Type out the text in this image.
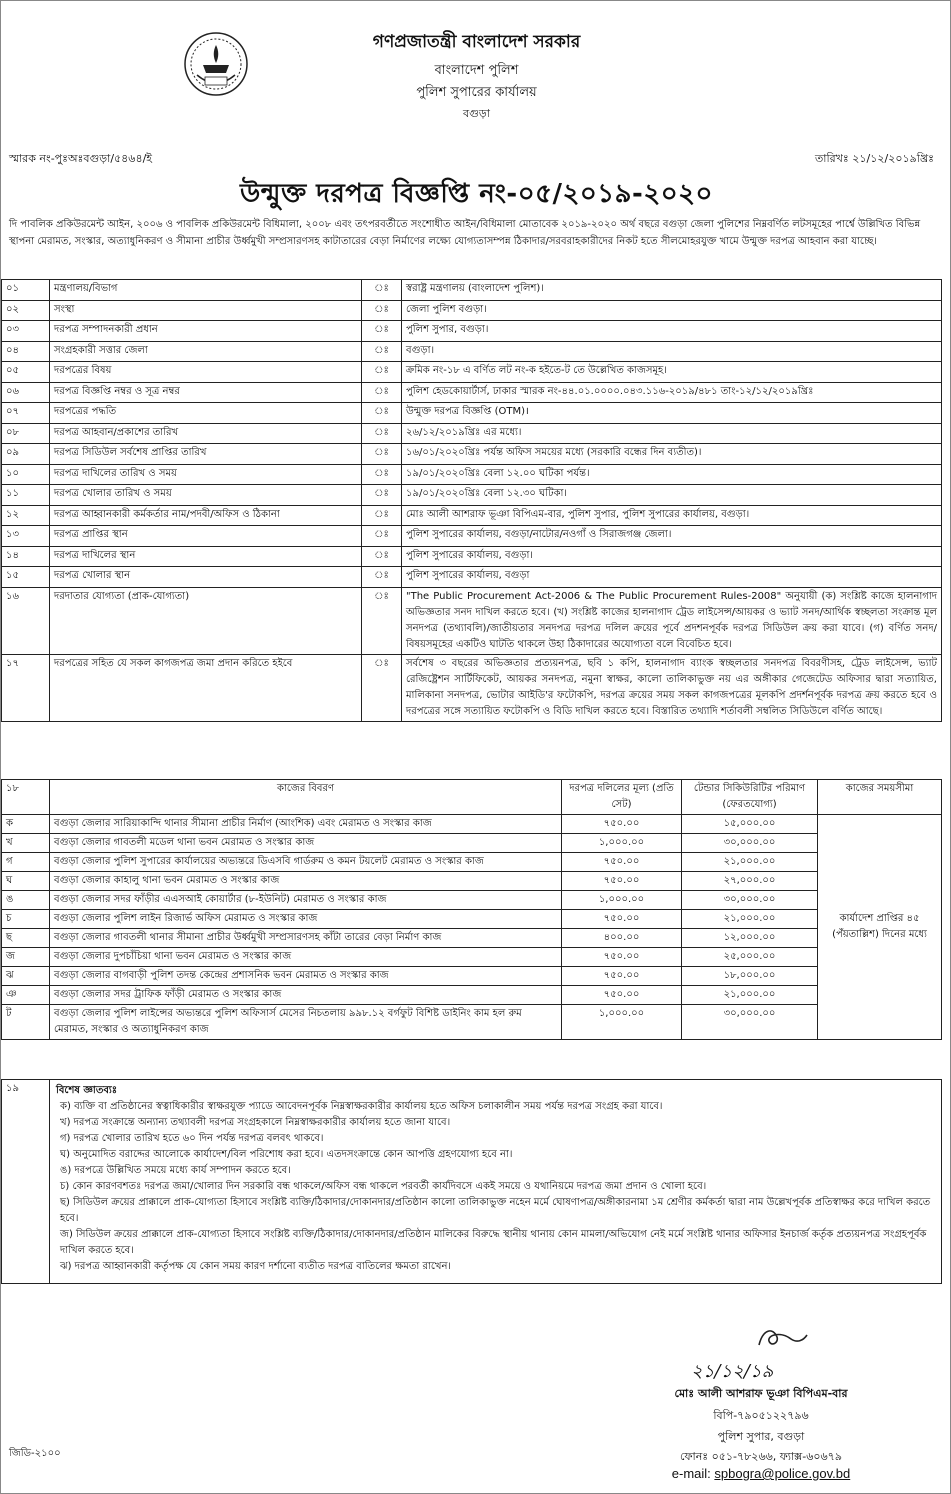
গণপ্রজাতন্ত্রী বাংলাদেশ সরকার
বাংলাদেশ পুলিশ
পুলিশ সুপারের কার্যালয়
বগুড়া
স্মারক নং-পুঃঅঃবগুড়া/৫৪৬৪/ই	তারিখঃ ২১/১২/২০১৯খ্রিঃ
উন্মুক্ত দরপত্র বিজ্ঞপ্তি নং-০৫/২০১৯-২০২০
দি পাবলিক প্রকিউরমেন্ট আইন, ২০০৬ ও পাবলিক প্রকিউরমেন্ট বিধিমালা, ২০০৮ এবং তৎপরবর্তীতে সংশোধীত আইন/বিধিমালা মোতাবেক ২০১৯-২০২০ অর্থ বছরে বগুড়া জেলা পুলিশের নিম্নবর্ণিত লটসমূহের পার্শ্বে উল্লিখিত বিভিন্ন স্থাপনা মেরামত, সংস্কার, অত্যাধুনিকরণ ও সীমানা প্রাচীর উর্ধ্বমুখী সম্প্রসারণসহ কাটাতারের বেড়া নির্মাণের লক্ষ্যে যোগ্যতাসম্পন্ন ঠিকাদার/সরবরাহকারীদের নিকট হতে সীলমোহরযুক্ত খামে উন্মুক্ত দরপত্র আহবান করা যাচ্ছে।
০১	মন্ত্রণালয়/বিভাগ	ঃ	স্বরাষ্ট্র মন্ত্রণালয় (বাংলাদেশ পুলিশ)।
০২	সংস্থা	ঃ	জেলা পুলিশ বগুড়া।
০৩	দরপত্র সম্পাদনকারী প্রধান	ঃ	পুলিশ সুপার, বগুড়া।
০৪	সংগ্রহকারী সত্তার জেলা	ঃ	বগুড়া।
০৫	দরপত্রের বিষয়	ঃ	ক্রমিক নং-১৮ এ বর্ণিত লট নং-ক হইতে-ট তে উল্লেখিত কাজসমূহ।
০৬	দরপত্র বিজ্ঞপ্তি নম্বর ও সূত্র নম্বর	ঃ	পুলিশ হেডকোয়ার্টার্স, ঢাকার স্মারক নং-৪৪.০১.০০০০.০৪৩.১১৬-২০১৯/৪৮১ তাং-১২/১২/২০১৯খ্রিঃ
০৭	দরপত্রের পদ্ধতি	ঃ	উন্মুক্ত দরপত্র বিজ্ঞপ্তি (OTM)।
০৮	দরপত্র আহবান/প্রকাশের তারিখ	ঃ	২৬/১২/২০১৯খ্রিঃ এর মধ্যে।
০৯	দরপত্র সিডিউল সর্বশেষ প্রাপ্তির তারিখ	ঃ	১৬/০১/২০২০খ্রিঃ পর্যন্ত অফিস সময়ের মধ্যে (সরকারি বন্ধের দিন ব্যতীত)।
১০	দরপত্র দাখিলের তারিখ ও সময়	ঃ	১৯/০১/২০২০খ্রিঃ বেলা ১২.০০ ঘটিকা পর্যন্ত।
১১	দরপত্র খোলার তারিখ ও সময়	ঃ	১৯/০১/২০২০খ্রিঃ বেলা ১২.৩০ ঘটিকা।
১২	দরপত্র আহ্বানকারী কর্মকর্তার নাম/পদবী/অফিস ও ঠিকানা	ঃ	মোঃ আলী আশরাফ ভূঞা বিপিএম-বার, পুলিশ সুপার, পুলিশ সুপারের কার্যালয়, বগুড়া।
১৩	দরপত্র প্রাপ্তির স্থান	ঃ	পুলিশ সুপারের কার্যালয়, বগুড়া/নাটোর/নওগাঁ ও সিরাজগঞ্জ জেলা।
১৪	দরপত্র দাখিলের স্থান	ঃ	পুলিশ সুপারের কার্যালয়, বগুড়া।
১৫	দরপত্র খোলার স্থান	ঃ	পুলিশ সুপারের কার্যালয়, বগুড়া
১৬	দরদাতার যোগ্যতা (প্রাক-যোগ্যতা)	ঃ	"The Public Procurement Act-2006 & The Public Procurement Rules-2008" অনুযায়ী (ক) সংশ্লিষ্ট কাজে হালনাগাদ অভিজ্ঞতার সনদ দাখিল করতে হবে। (খ) সংশ্লিষ্ট কাজের হালনাগাদ ট্রেড লাইসেন্স/আয়কর ও ভ্যাট সনদ/আর্থিক স্বচ্ছলতা সংক্রান্ত মূল সনদপত্র (তথ্যাবলি)/জাতীয়তার সনদপত্র দরপত্র দলিল ক্রয়ের পূর্বে প্রদশনপূর্বক দরপত্র সিডিউল ক্রয় করা যাবে। (গ) বর্ণিত সনদ/বিষয়সমূহের একটিও ঘাটতি থাকলে উহা ঠিকাদারের অযোগ্যতা বলে বিবেচিত হবে।
১৭	দরপত্রের সহিত যে সকল কাগজপত্র জমা প্রদান করিতে হইবে	ঃ	সর্বশেষ ৩ বছরের অভিজ্ঞতার প্রত্যয়নপত্র, ছবি ১ কপি, হালনাগাদ ব্যাংক স্বচ্ছলতার সনদপত্র বিবরণীসহ, ট্রেড লাইসেন্স, ভ্যাট রেজিষ্ট্রেশন সার্টিফিকেট, আয়কর সনদপত্র, নমুনা স্বাক্ষর, কালো তালিকাভুক্ত নয় এর অঙ্গীকার গেজেটেড অফিসার দ্বারা সত্যায়িত, মালিকানা সনদপত্র, ভোটার আইডি'র ফটোকপি, দরপত্র ক্রয়ের সময় সকল কাগজপত্রের মূলকপি প্রদর্শনপূর্বক দরপত্র ক্রয় করতে হবে ও দরপত্রের সঙ্গে সত্যায়িত ফটোকপি ও বিডি দাখিল করতে হবে। বিস্তারিত তথ্যাদি শর্তাবলী সম্বলিত সিডিউলে বর্ণিত আছে।
১৮	কাজের বিবরণ	দরপত্র দলিলের মূল্য (প্রতি সেট)	টেন্ডার সিকিউরিটির পরিমাণ (ফেরতযোগ্য)	কাজের সময়সীমা
ক	বগুড়া জেলার সারিয়াকান্দি থানার সীমানা প্রাচীর নির্মাণ (আংশিক) এবং মেরামত ও সংস্কার কাজ	৭৫০.০০	১৫,০০০.০০	কার্যাদেশ প্রাপ্তির ৪৫ (পঁয়তাল্লিশ) দিনের মধ্যে
খ	বগুড়া জেলার গাবতলী মডেল থানা ভবন মেরামত ও সংস্কার কাজ	১,০০০.০০	৩০,০০০.০০	
গ	বগুড়া জেলার পুলিশ সুপারের কার্যালয়ের অভ্যন্তরে ডিএসবি গার্ডরুম ও কমন টয়লেট মেরামত ও সংস্কার কাজ	৭৫০.০০	২১,০০০.০০	
ঘ	বগুড়া জেলার কাহালু থানা ভবন মেরামত ও সংস্কার কাজ	৭৫০.০০	২৭,০০০.০০	
ঙ	বগুড়া জেলার সদর ফাঁড়ীর এএসআই কোয়ার্টার (৮-ইউনিট) মেরামত ও সংস্কার কাজ	১,০০০.০০	৩০,০০০.০০	
চ	বগুড়া জেলার পুলিশ লাইন রিজার্ভ অফিস মেরামত ও সংস্কার কাজ	৭৫০.০০	২১,০০০.০০	
ছ	বগুড়া জেলার গাবতলী থানার সীমানা প্রাচীর উর্ধ্বমুখী সম্প্রসারণসহ কাঁটা তারের বেড়া নির্মাণ কাজ	৪০০.০০	১২,০০০.০০	
জ	বগুড়া জেলার দুপচাঁচিয়া থানা ভবন মেরামত ও সংস্কার কাজ	৭৫০.০০	২৫,০০০.০০	
ঝ	বগুড়া জেলার বাগবাড়ী পুলিশ তদন্ত কেন্দ্রের প্রশাসনিক ভবন মেরামত ও সংস্কার কাজ	৭৫০.০০	১৮,০০০.০০	
ঞ	বগুড়া জেলার সদর ট্রাফিক ফাঁড়ী মেরামত ও সংস্কার কাজ	৭৫০.০০	২১,০০০.০০	
ট	বগুড়া জেলার পুলিশ লাইন্সের অভ্যন্তরে পুলিশ অফিসার্স মেসের নিচতলায় ৯৯৮.১২ বর্গফুট বিশিষ্ট ডাইনিং কাম হল রুম মেরামত, সংস্কার ও অত্যাধুনিকরণ কাজ	১,০০০.০০	৩০,০০০.০০	
১৯	বিশেষ জ্ঞাতব্যঃ
ক) ব্যক্তি বা প্রতিষ্ঠানের স্বত্বাধিকারীর স্বাক্ষরযুক্ত প্যাডে আবেদনপূর্বক নিম্নস্বাক্ষরকারীর কার্যালয় হতে অফিস চলাকালীন সময় পর্যন্ত দরপত্র সংগ্রহ করা যাবে।
খ) দরপত্র সংক্রান্তে অন্যান্য তথ্যাবলী দরপত্র সংগ্রহকালে নিম্নস্বাক্ষরকারীর কার্যালয় হতে জানা যাবে।
গ) দরপত্র খোলার তারিখ হতে ৬০ দিন পর্যন্ত দরপত্র বলবৎ থাকবে।
ঘ) অনুমোদিত বরাদ্দের আলোকে কার্যাদেশ/বিল পরিশোধ করা হবে। এতদসংক্রান্তে কোন আপত্তি গ্রহণযোগ্য হবে না।
ঙ) দরপত্রে উল্লিখিত সময়ে মধ্যে কার্য সম্পাদন করতে হবে।
চ) কোন কারণবশতঃ দরপত্র জমা/খোলার দিন সরকারি বন্ধ থাকলে/অফিস বন্ধ থাকলে পরবর্তী কার্যদিবসে একই সময়ে ও যথানিয়মে দরপত্র জমা প্রদান ও খোলা হবে।
ছ) সিডিউল ক্রয়ের প্রাক্কালে প্রাক-যোগ্যতা হিসাবে সংশ্লিষ্ট ব্যক্তি/ঠিকাদার/দোকানদার/প্রতিষ্ঠান কালো তালিকাভুক্ত নহেন মর্মে ঘোষণাপত্র/অঙ্গীকারনামা ১ম শ্রেণীর কর্মকর্তা দ্বারা নাম উল্লেখপূর্বক প্রতিস্বাক্ষর করে দাখিল করতে হবে।
জ) সিডিউল ক্রয়ের প্রাক্কালে প্রাক-যোগ্যতা হিসাবে সংশ্লিষ্ট ব্যক্তি/ঠিকাদার/দোকানদার/প্রতিষ্ঠান মালিকের বিরুদ্ধে স্থানীয় থানায় কোন মামলা/অভিযোগ নেই মর্মে সংশ্লিষ্ট থানার অফিসার ইনচার্জ কর্তৃক প্রত্যয়নপত্র সংগ্রহপূর্বক দাখিল করতে হবে।
ঝ) দরপত্র আহ্বানকারী কর্তৃপক্ষ যে কোন সময় কারণ দর্শানো ব্যতীত দরপত্র বাতিলের ক্ষমতা রাখেন।
২১/১২/১৯
মোঃ আলী আশরাফ ভূঞা বিপিএম-বার
বিপি-৭৯০৫১২২৭৯৬
পুলিশ সুপার, বগুড়া
ফোনঃ ০৫১-৭৮২৬৬, ফ্যাক্স-৬০৬৭৯
e-mail: spbogra@police.gov.bd
জিডি-২১০০
